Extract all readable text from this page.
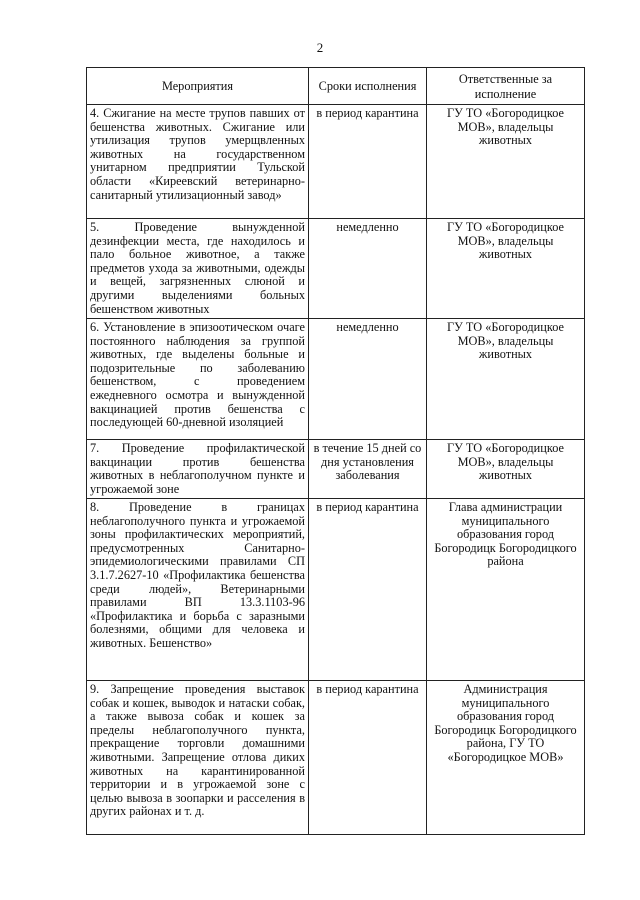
2
Мероприятия	Сроки исполнения	Ответственные за исполнение
4. Сжигание на месте трупов павших от бешенства животных. Сжигание или утилизация трупов умерщвленных животных на государственном унитарном предприятии Тульской области «Киреевский ветеринарно-санитарный утилизационный завод»	в период карантина	ГУ ТО «Богородицкое МОВ», владельцы животных
5. Проведение вынужденной дезинфекции места, где находилось и пало больное животное, а также предметов ухода за животными, одежды и вещей, загрязненных слюной и другими выделениями больных бешенством животных	немедленно	ГУ ТО «Богородицкое МОВ», владельцы животных
6. Установление в эпизоотическом очаге постоянного наблюдения за группой животных, где выделены больные и подозрительные по заболеванию бешенством, с проведением ежедневного осмотра и вынужденной вакцинацией против бешенства с последующей 60-дневной изоляцией	немедленно	ГУ ТО «Богородицкое МОВ», владельцы животных
7. Проведение профилактической вакцинации против бешенства животных в неблагополучном пункте и угрожаемой зоне	в течение 15 дней со дня установления заболевания	ГУ ТО «Богородицкое МОВ», владельцы животных
8. Проведение в границах неблагополучного пункта и угрожаемой зоны профилактических мероприятий, предусмотренных Санитарно-эпидемиологическими правилами СП 3.1.7.2627-10 «Профилактика бешенства среди людей», Ветеринарными правилами ВП 13.3.1103-96 «Профилактика и борьба с заразными болезнями, общими для человека и животных. Бешенство»	в период карантина	Глава администрации муниципального образования город Богородицк Богородицкого района
9. Запрещение проведения выставок собак и кошек, выводок и натаски собак, а также вывоза собак и кошек за пределы неблагополучного пункта, прекращение торговли домашними животными. Запрещение отлова диких животных на карантинированной территории и в угрожаемой зоне с целью вывоза в зоопарки и расселения в других районах и т. д.	в период карантина	Администрация муниципального образования город Богородицк Богородицкого района, ГУ ТО «Богородицкое МОВ»
